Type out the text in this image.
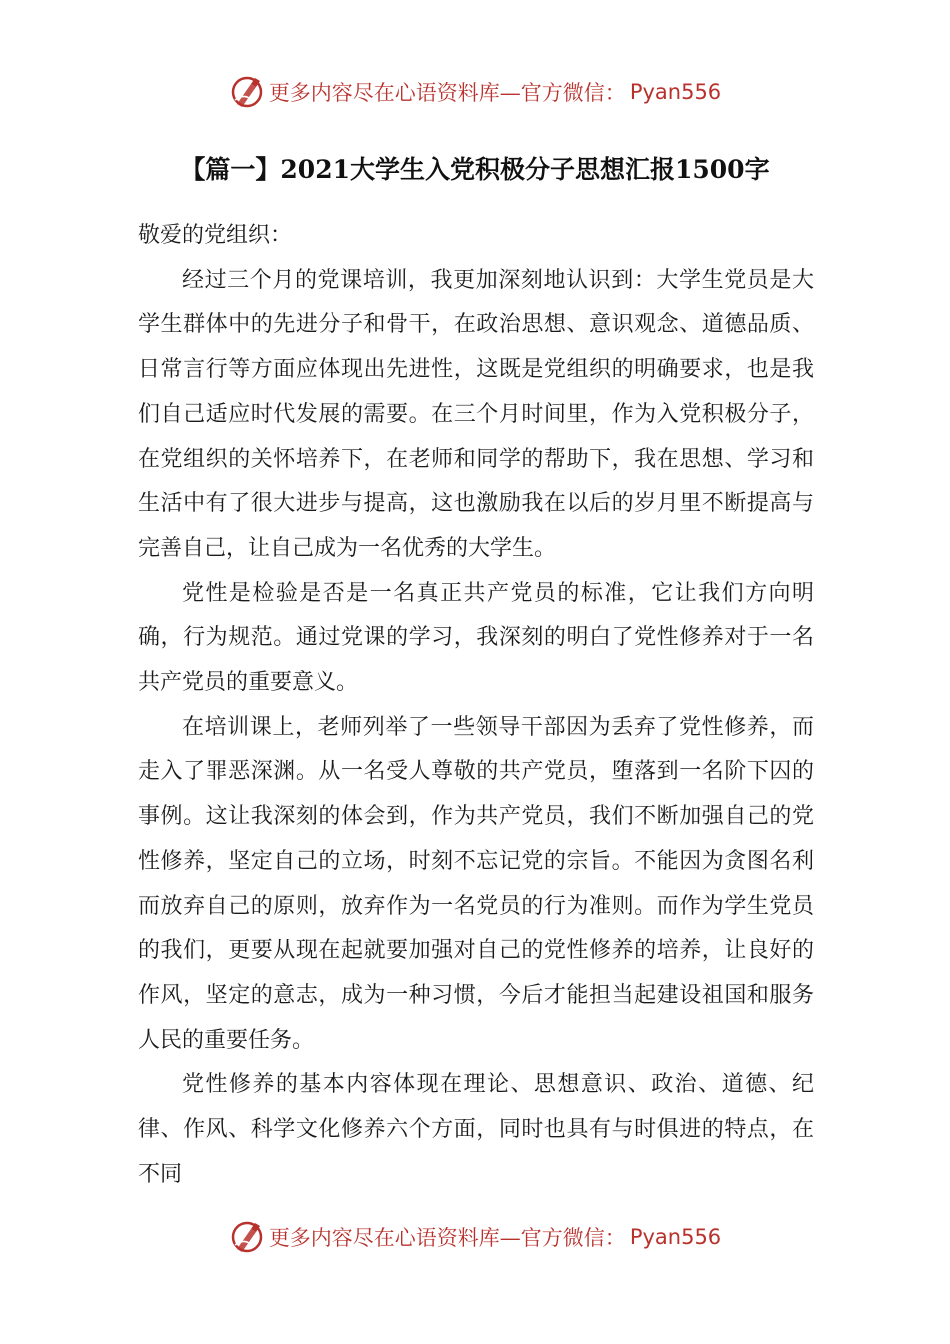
更多内容尽在心语资料库—官方微信： Pyan556
【篇一】2021大学生入党积极分子思想汇报1500字

敬爱的党组织：

经过三个月的党课培训，我更加深刻地认识到：大学生党员是大学生群体中的先进分子和骨干，在政治思想、意识观念、道德品质、日常言行等方面应体现出先进性，这既是党组织的明确要求，也是我们自己适应时代发展的需要。在三个月时间里，作为入党积极分子，在党组织的关怀培养下，在老师和同学的帮助下，我在思想、学习和生活中有了很大进步与提高，这也激励我在以后的岁月里不断提高与完善自己，让自己成为一名优秀的大学生。

党性是检验是否是一名真正共产党员的标准，它让我们方向明确，行为规范。通过党课的学习，我深刻的明白了党性修养对于一名共产党员的重要意义。

在培训课上，老师列举了一些领导干部因为丢弃了党性修养，而走入了罪恶深渊。从一名受人尊敬的共产党员，堕落到一名阶下囚的事例。这让我深刻的体会到，作为共产党员，我们不断加强自己的党性修养，坚定自己的立场，时刻不忘记党的宗旨。不能因为贪图名利而放弃自己的原则，放弃作为一名党员的行为准则。而作为学生党员的我们，更要从现在起就要加强对自己的党性修养的培养，让良好的作风，坚定的意志，成为一种习惯，今后才能担当起建设祖国和服务人民的重要任务。

党性修养的基本内容体现在理论、思想意识、政治、道德、纪律、作风、科学文化修养六个方面，同时也具有与时俱进的特点，在不同

更多内容尽在心语资料库—官方微信： Pyan556
